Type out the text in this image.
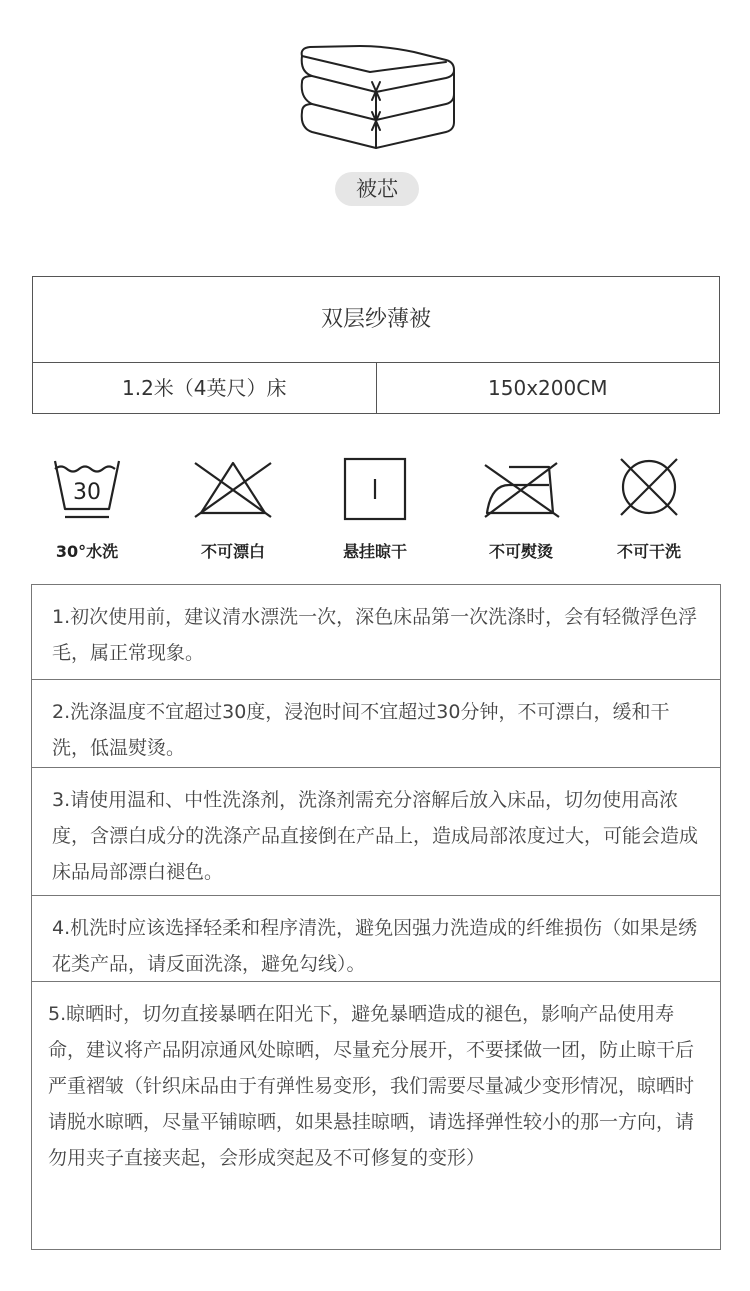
被芯
双层纱薄被
1.2米（4英尺）床	150x200CM
30
30°水洗	不可漂白	悬挂晾干	不可熨烫	不可干洗
1.初次使用前，建议清水漂洗一次，深色床品第一次洗涤时，会有轻微浮色浮毛，属正常现象。
2.洗涤温度不宜超过30度，浸泡时间不宜超过30分钟，不可漂白，缓和干洗，低温熨烫。
3.请使用温和、中性洗涤剂，洗涤剂需充分溶解后放入床品，切勿使用高浓度，含漂白成分的洗涤产品直接倒在产品上，造成局部浓度过大，可能会造成床品局部漂白褪色。
4.机洗时应该选择轻柔和程序清洗，避免因强力洗造成的纤维损伤（如果是绣花类产品，请反面洗涤，避免勾线）。
5.晾晒时，切勿直接暴晒在阳光下，避免暴晒造成的褪色，影响产品使用寿命，建议将产品阴凉通风处晾晒，尽量充分展开，不要揉做一团，防止晾干后严重褶皱（针织床品由于有弹性易变形，我们需要尽量减少变形情况，晾晒时请脱水晾晒，尽量平铺晾晒，如果悬挂晾晒，请选择弹性较小的那一方向，请勿用夹子直接夹起，会形成突起及不可修复的变形）
